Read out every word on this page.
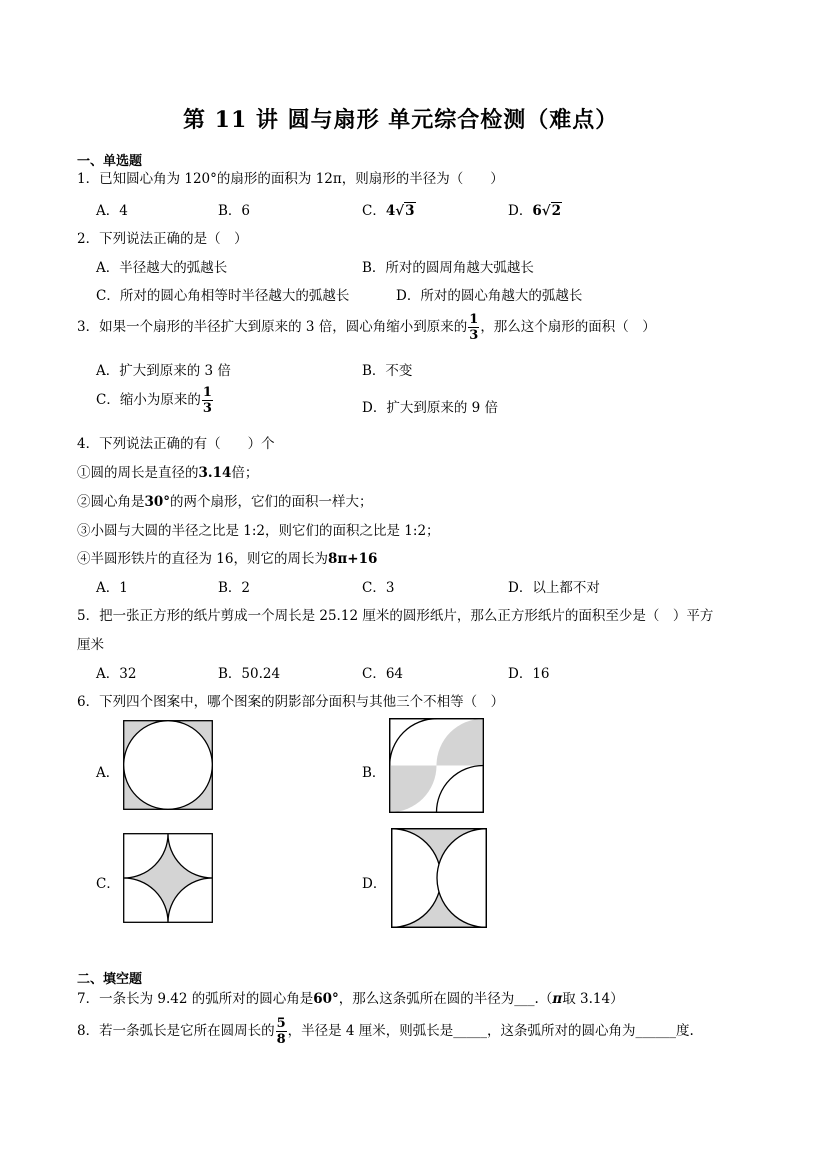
第 11 讲 圆与扇形 单元综合检测（难点）
一、单选题
1．已知圆心角为 120°的扇形的面积为 12π，则扇形的半径为（　　）
A．4	B．6	C．4√3	D．6√2
2．下列说法正确的是（　）
A．半径越大的弧越长	B．所对的圆周角越大弧越长
C．所对的圆心角相等时半径越大的弧越长	D．所对的圆心角越大的弧越长
3．如果一个扇形的半径扩大到原来的 3 倍，圆心角缩小到原来的 $\frac{1}{3}$ ，那么这个扇形的面积（　）
A．扩大到原来的 3 倍	B．不变
C．缩小为原来的 $\frac{1}{3}$	D．扩大到原来的 9 倍
4．下列说法正确的有（　　）个
①圆的周长是直径的3.14倍；
②圆心角是30°的两个扇形，它们的面积一样大；
③小圆与大圆的半径之比是 1:2，则它们的面积之比是 1:2；
④半圆形铁片的直径为 16，则它的周长为8π+16
A．1	B．2	C．3	D．以上都不对
5．把一张正方形的纸片剪成一个周长是 25.12 厘米的圆形纸片，那么正方形纸片的面积至少是（　）平方
厘米
A．32	B．50.24	C．64	D．16
6．下列四个图案中，哪个图案的阴影部分面积与其他三个不相等（　）
A．	B．
C．	D．
二、填空题
7．一条长为 9.42 的弧所对的圆心角是60°，那么这条弧所在圆的半径为___.（π取 3.14）
8．若一条弧长是它所在圆周长的 $\frac{5}{8}$ ，半径是 4 厘米，则弧长是_____，这条弧所对的圆心角为______度.
